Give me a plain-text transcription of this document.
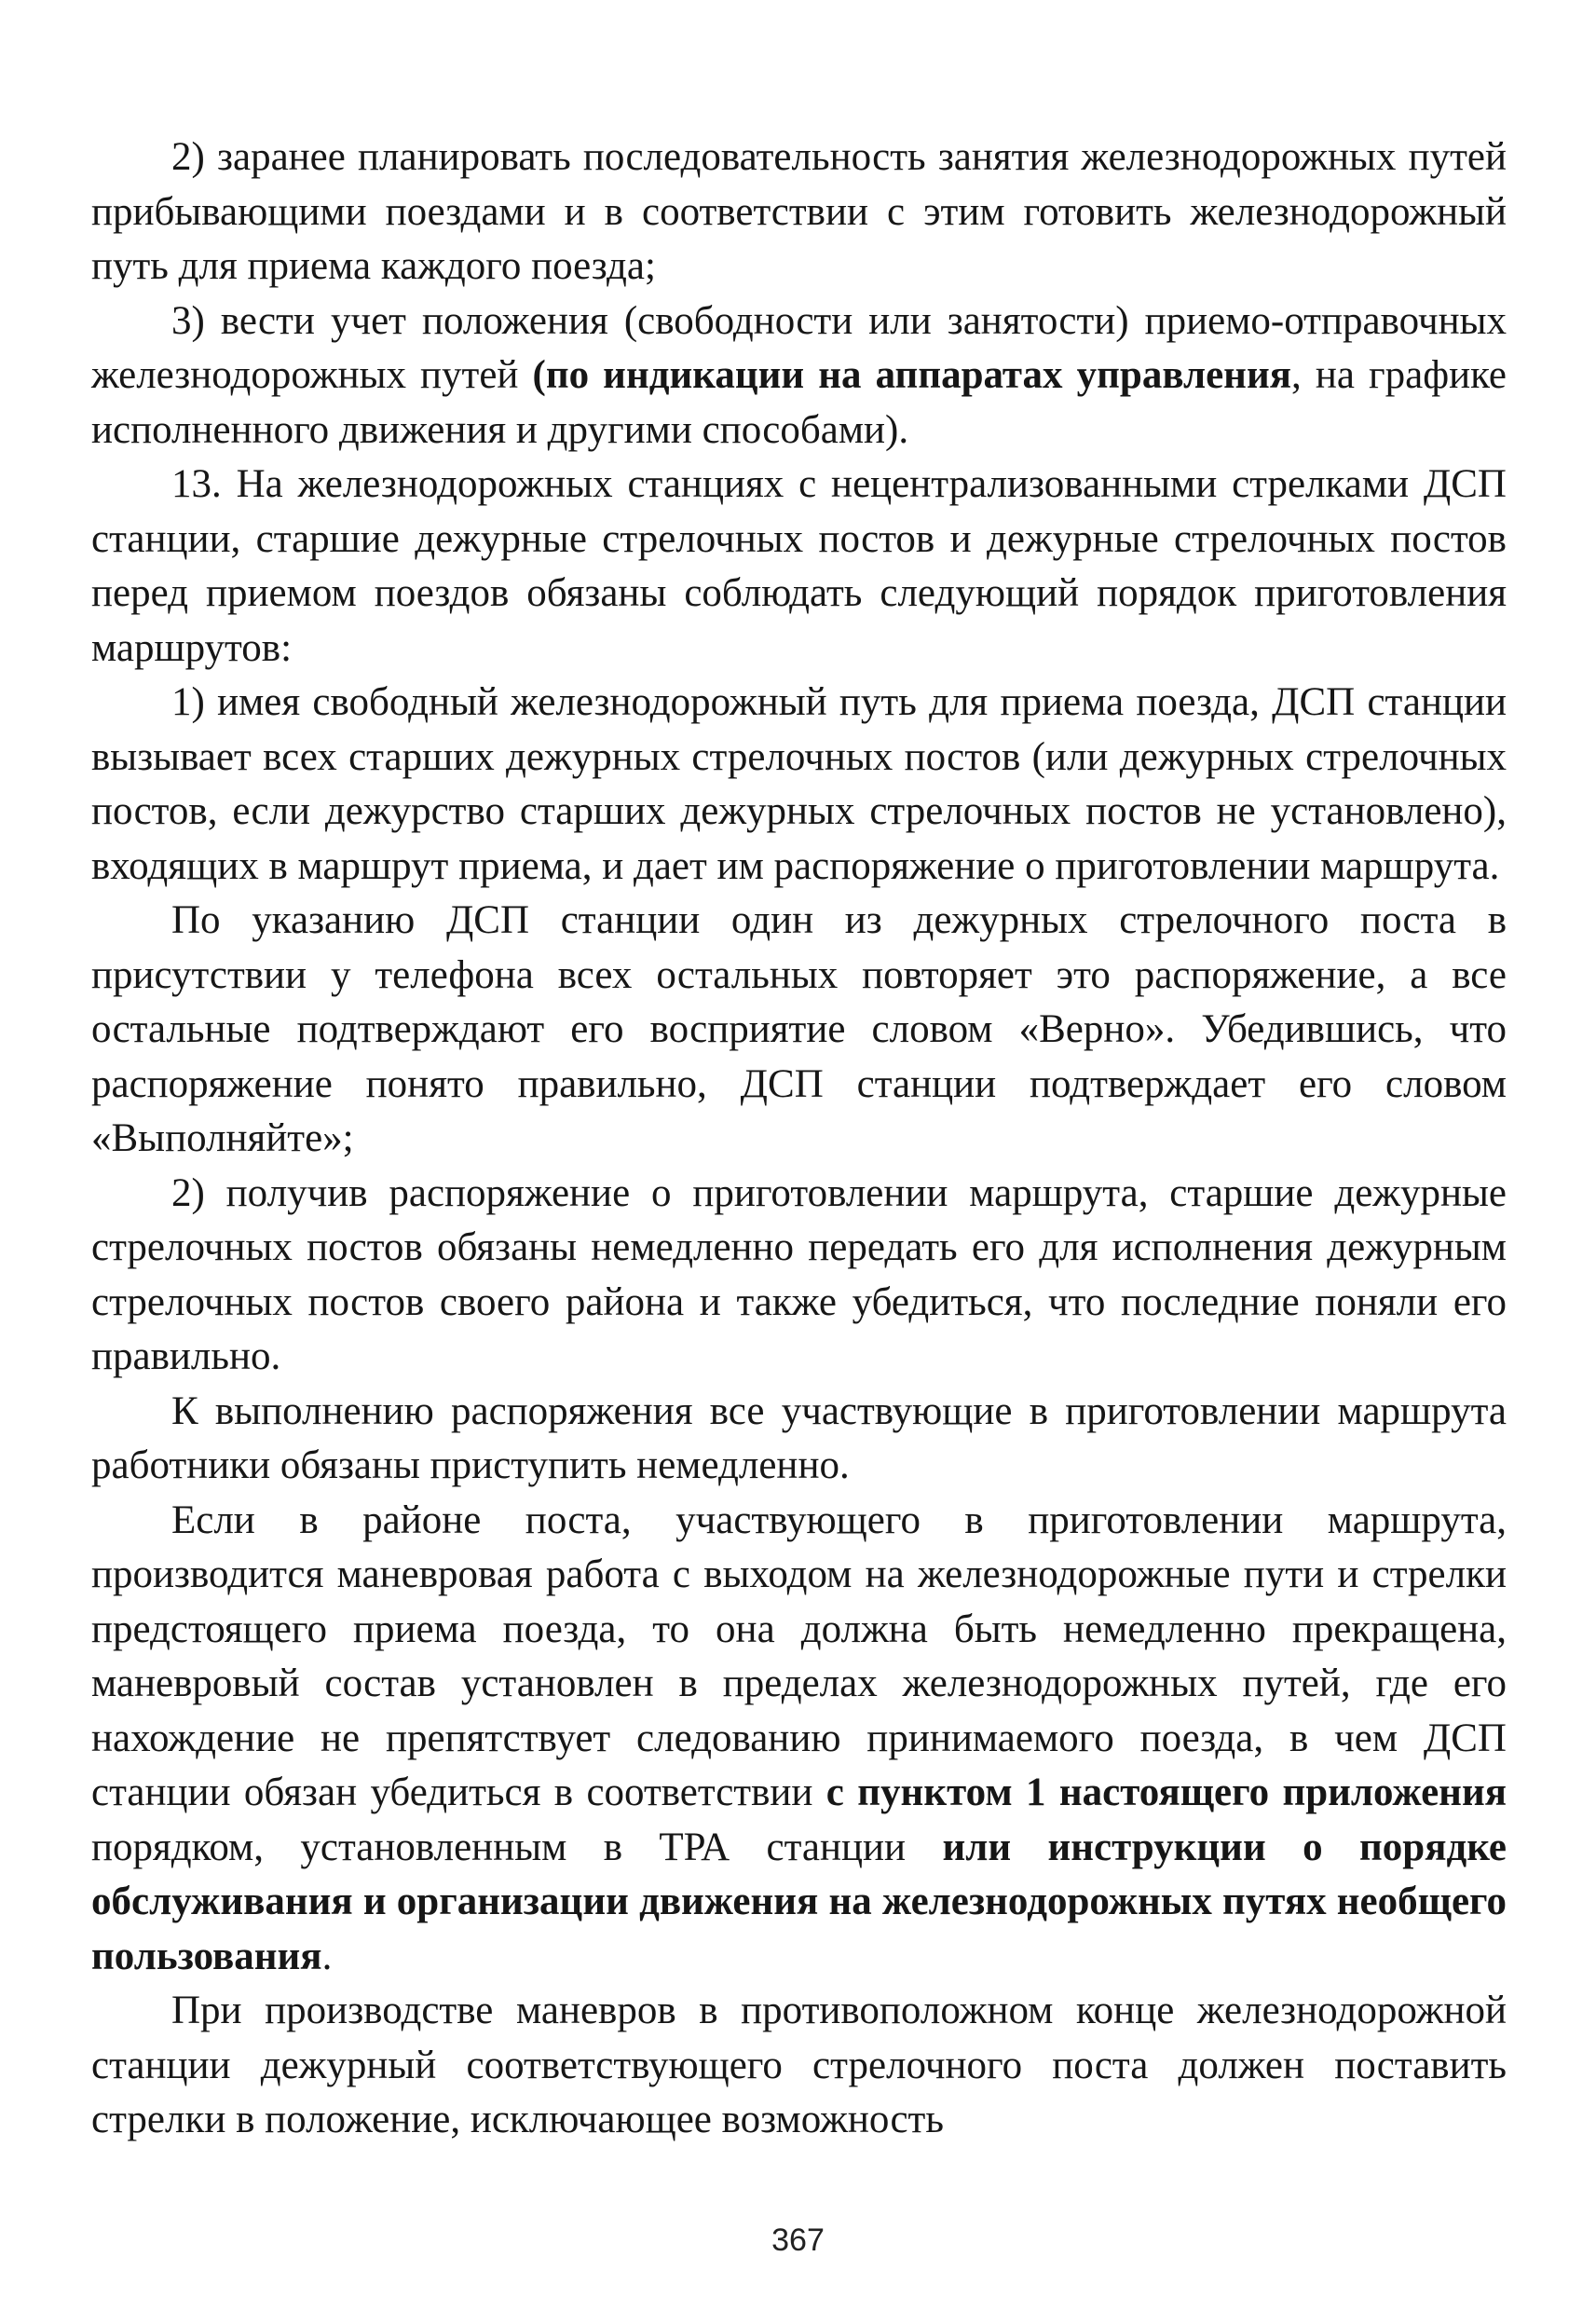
2) заранее планировать последовательность занятия железнодорожных путей прибывающими поездами и в соответствии с этим готовить железнодорожный путь для приема каждого поезда;

3) вести учет положения (свободности или занятости) приемо-отправочных железнодорожных путей (по индикации на аппаратах управления, на графике исполненного движения и другими способами).

13. На железнодорожных станциях с нецентрализованными стрелками ДСП станции, старшие дежурные стрелочных постов и дежурные стрелочных постов перед приемом поездов обязаны соблюдать следующий порядок приготовления маршрутов:

1) имея свободный железнодорожный путь для приема поезда, ДСП станции вызывает всех старших дежурных стрелочных постов (или дежурных стрелочных постов, если дежурство старших дежурных стрелочных постов не установлено), входящих в маршрут приема, и дает им распоряжение о приготовлении маршрута.

По указанию ДСП станции один из дежурных стрелочного поста в присутствии у телефона всех остальных повторяет это распоряжение, а все остальные подтверждают его восприятие словом «Верно». Убедившись, что распоряжение понято правильно, ДСП станции подтверждает его словом «Выполняйте»;

2) получив распоряжение о приготовлении маршрута, старшие дежурные стрелочных постов обязаны немедленно передать его для исполнения дежурным стрелочных постов своего района и также убедиться, что последние поняли его правильно.

К выполнению распоряжения все участвующие в приготовлении маршрута работники обязаны приступить немедленно.

Если в районе поста, участвующего в приготовлении маршрута, производится маневровая работа с выходом на железнодорожные пути и стрелки предстоящего приема поезда, то она должна быть немедленно прекращена, маневровый состав установлен в пределах железнодорожных путей, где его нахождение не препятствует следованию принимаемого поезда, в чем ДСП станции обязан убедиться в соответствии с пунктом 1 настоящего приложения порядком, установленным в ТРА станции или инструкции о порядке обслуживания и организации движения на железнодорожных путях необщего пользования.

При производстве маневров в противоположном конце железнодорожной станции дежурный соответствующего стрелочного поста должен поставить стрелки в положение, исключающее возможность

367
